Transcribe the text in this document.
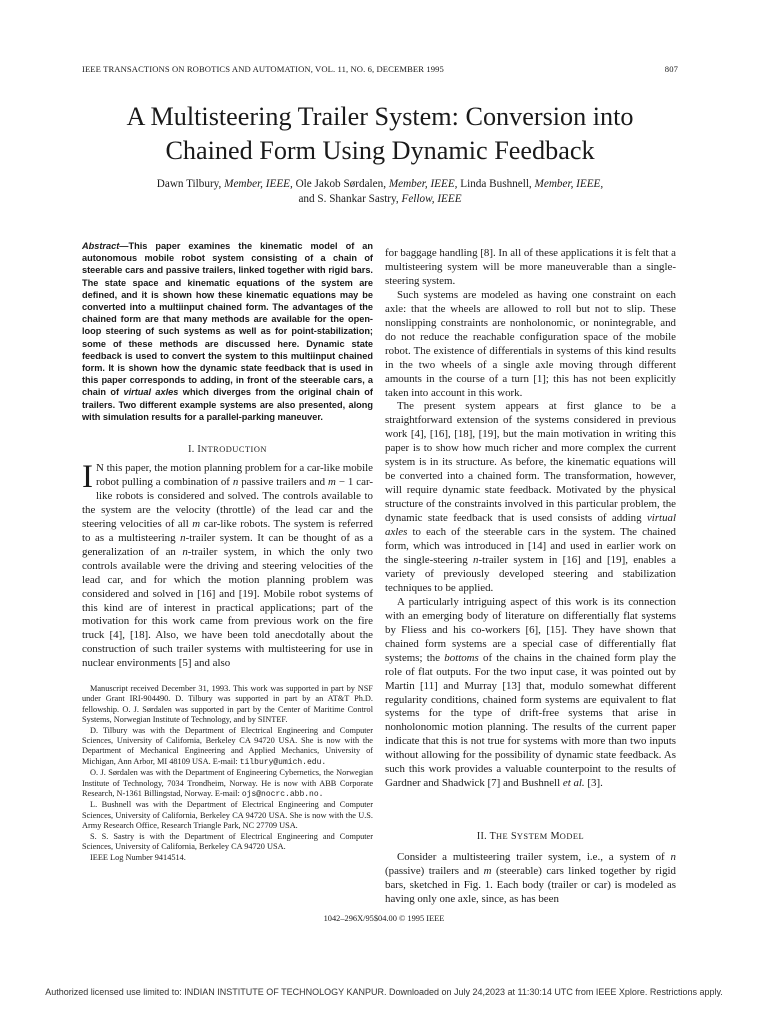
IEEE TRANSACTIONS ON ROBOTICS AND AUTOMATION, VOL. 11, NO. 6, DECEMBER 1995	807
A Multisteering Trailer System: Conversion into
Chained Form Using Dynamic Feedback
Dawn Tilbury, Member, IEEE, Ole Jakob Sørdalen, Member, IEEE, Linda Bushnell, Member, IEEE,
and S. Shankar Sastry, Fellow, IEEE
Abstract—This paper examines the kinematic model of an autonomous mobile robot system consisting of a chain of steerable cars and passive trailers, linked together with rigid bars. The state space and kinematic equations of the system are defined, and it is shown how these kinematic equations may be converted into a multiinput chained form. The advantages of the chained form are that many methods are available for the open-loop steering of such systems as well as for point-stabilization; some of these methods are discussed here. Dynamic state feedback is used to convert the system to this multiinput chained form. It is shown how the dynamic state feedback that is used in this paper corresponds to adding, in front of the steerable cars, a chain of virtual axles which diverges from the original chain of trailers. Two different example systems are also presented, along with simulation results for a parallel-parking maneuver.
I. INTRODUCTION

I N this paper, the motion planning problem for a car-like mobile robot pulling a combination of n passive trailers and m − 1 car-like robots is considered and solved. The controls available to the system are the velocity (throttle) of the lead car and the steering velocities of all m car-like robots. The system is referred to as a multisteering n-trailer system. It can be thought of as a generalization of an n-trailer system, in which the only two controls available were the driving and steering velocities of the lead car, and for which the motion planning problem was considered and solved in [16] and [19]. Mobile robot systems of this kind are of interest in practical applications; part of the motivation for this work came from previous work on the fire truck [4], [18]. Also, we have been told anecdotally about the construction of such trailer systems with multisteering for use in nuclear environments [5] and also

Manuscript received December 31, 1993. This work was supported in part by NSF under Grant IRI-904490. D. Tilbury was supported in part by an AT&T Ph.D. fellowship. O. J. Sørdalen was supported in part by the Center of Maritime Control Systems, Norwegian Institute of Technology, and by SINTEF.

D. Tilbury was with the Department of Electrical Engineering and Computer Sciences, University of California, Berkeley CA 94720 USA. She is now with the Department of Mechanical Engineering and Applied Mechanics, University of Michigan, Ann Arbor, MI 48109 USA. E-mail: tilbury@umich.edu.

O. J. Sørdalen was with the Department of Engineering Cybernetics, the Norwegian Institute of Technology, 7034 Trondheim, Norway. He is now with ABB Corporate Research, N-1361 Billingstad, Norway. E-mail: ojs@nocrc.abb.no.

L. Bushnell was with the Department of Electrical Engineering and Computer Sciences, University of California, Berkeley CA 94720 USA. She is now with the U.S. Army Research Office, Research Triangle Park, NC 27709 USA.

S. S. Sastry is with the Department of Electrical Engineering and Computer Sciences, University of California, Berkeley CA 94720 USA.

IEEE Log Number 9414514.

for baggage handling [8]. In all of these applications it is felt that a multisteering system will be more maneuverable than a single-steering system.

Such systems are modeled as having one constraint on each axle: that the wheels are allowed to roll but not to slip. These nonslipping constraints are nonholonomic, or nonintegrable, and do not reduce the reachable configuration space of the mobile robot. The existence of differentials in systems of this kind results in the two wheels of a single axle moving through different amounts in the course of a turn [1]; this has not been explicitly taken into account in this work.

The present system appears at first glance to be a straightforward extension of the systems considered in previous work [4], [16], [18], [19], but the main motivation in writing this paper is to show how much richer and more complex the current system is in its structure. As before, the kinematic equations will be converted into a chained form. The transformation, however, will require dynamic state feedback. Motivated by the physical structure of the constraints involved in this particular problem, the dynamic state feedback that is used consists of adding virtual axles to each of the steerable cars in the system. The chained form, which was introduced in [14] and used in earlier work on the single-steering n-trailer system in [16] and [19], enables a variety of previously developed steering and stabilization techniques to be applied.

A particularly intriguing aspect of this work is its connection with an emerging body of literature on differentially flat systems by Fliess and his co-workers [6], [15]. They have shown that chained form systems are a special case of differentially flat systems; the bottoms of the chains in the chained form play the role of flat outputs. For the two input case, it was pointed out by Martin [11] and Murray [13] that, modulo somewhat different regularity conditions, chained form systems are equivalent to flat systems for the type of drift-free systems that arise in nonholonomic motion planning. The results of the current paper indicate that this is not true for systems with more than two inputs without allowing for the possibility of dynamic state feedback. As such this work provides a valuable counterpoint to the results of Gardner and Shadwick [7] and Bushnell et al. [3].

II. THE SYSTEM MODEL

Consider a multisteering trailer system, i.e., a system of n (passive) trailers and m (steerable) cars linked together by rigid bars, sketched in Fig. 1. Each body (trailer or car) is modeled as having only one axle, since, as has been

1042–296X/95$04.00 © 1995 IEEE
Authorized licensed use limited to: INDIAN INSTITUTE OF TECHNOLOGY KANPUR. Downloaded on July 24,2023 at 11:30:14 UTC from IEEE Xplore. Restrictions apply.
